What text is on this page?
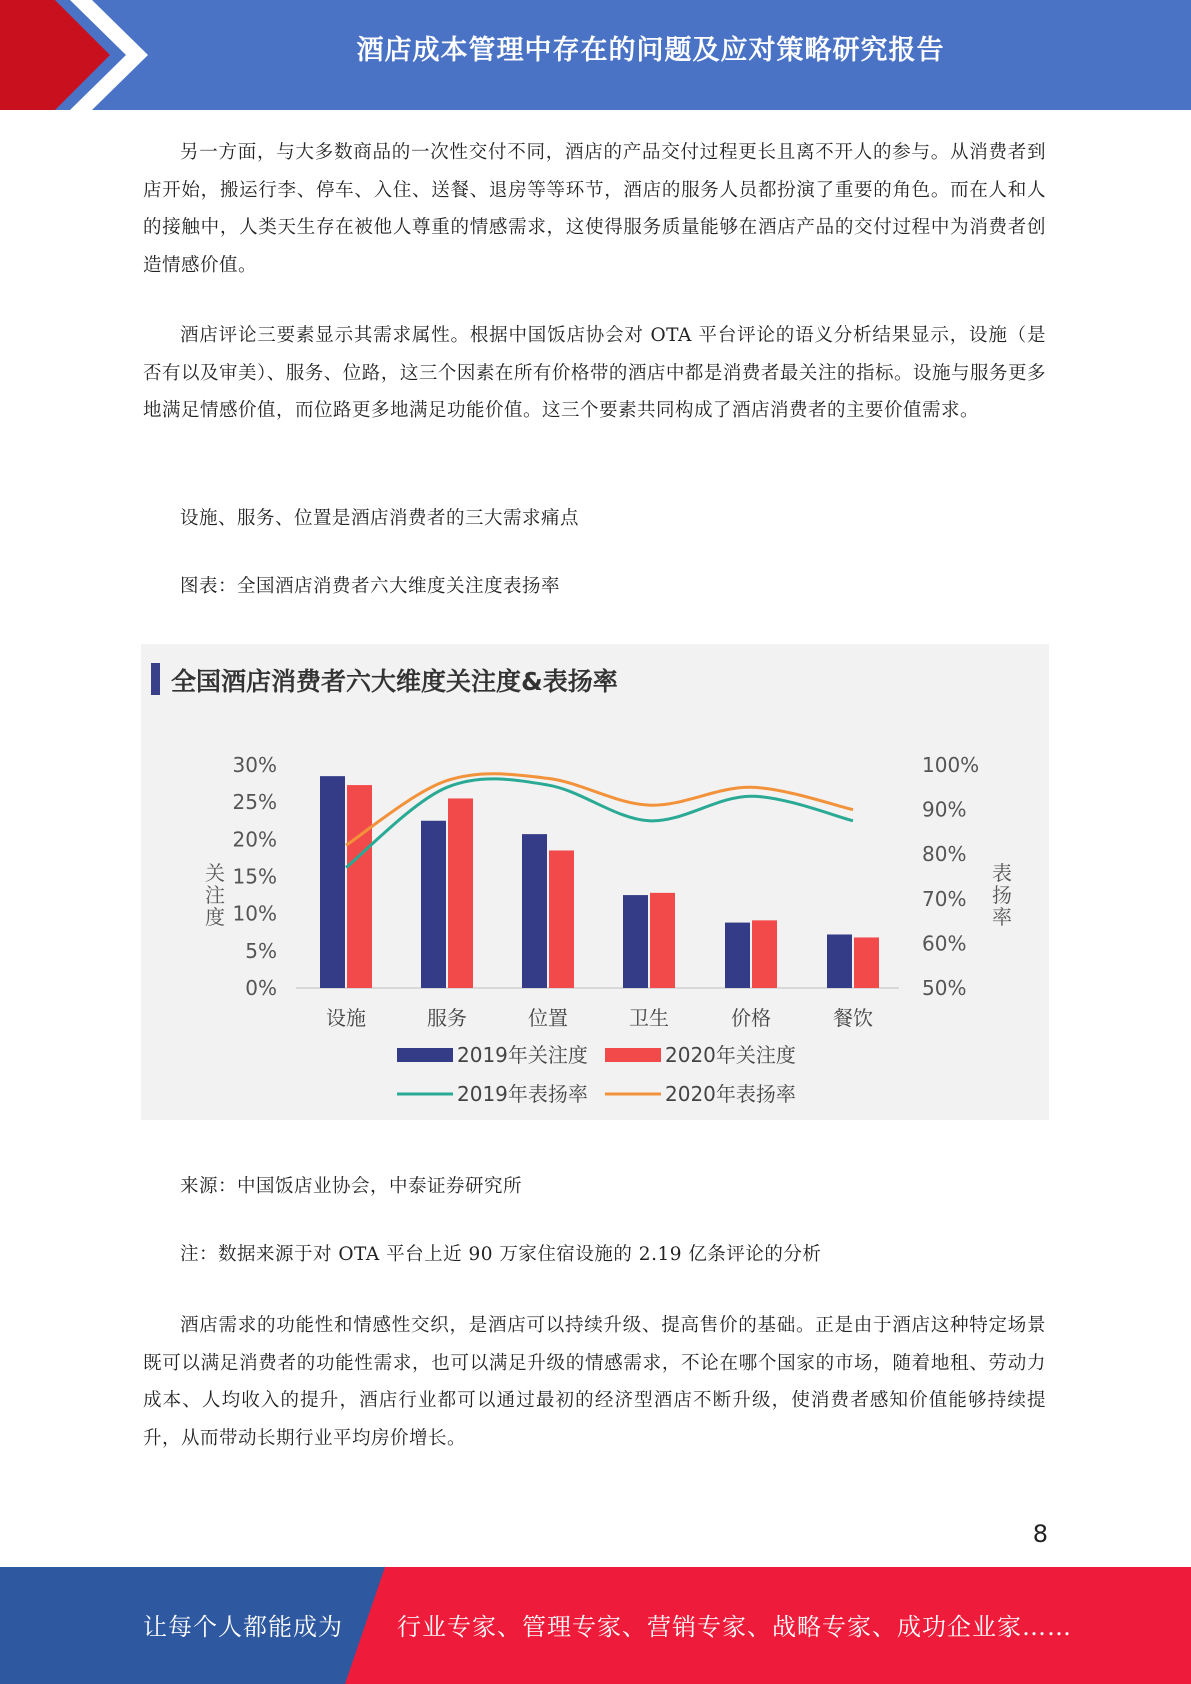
酒店成本管理中存在的问题及应对策略研究报告

另一方面，与大多数商品的一次性交付不同，酒店的产品交付过程更长且离不开人的参与。从消费者到店开始，搬运行李、停车、入住、送餐、退房等等环节，酒店的服务人员都扮演了重要的角色。而在人和人的接触中，人类天生存在被他人尊重的情感需求，这使得服务质量能够在酒店产品的交付过程中为消费者创造情感价值。

酒店评论三要素显示其需求属性。根据中国饭店协会对 OTA 平台评论的语义分析结果显示，设施（是否有以及审美）、服务、位路，这三个因素在所有价格带的酒店中都是消费者最关注的指标。设施与服务更多地满足情感价值，而位路更多地满足功能价值。这三个要素共同构成了酒店消费者的主要价值需求。

设施、服务、位置是酒店消费者的三大需求痛点

图表：全国酒店消费者六大维度关注度表扬率

全国酒店消费者六大维度关注度&表扬率
0%
5%
10%
15%
20%
25%
30%
50%
60%
70%
80%
90%
100%
关注度
表扬率
设施	服务	位置	卫生	价格	餐饮
2019年关注度	2020年关注度
2019年表扬率	2020年表扬率

来源：中国饭店业协会，中泰证券研究所

注：数据来源于对 OTA 平台上近 90 万家住宿设施的 2.19 亿条评论的分析

酒店需求的功能性和情感性交织，是酒店可以持续升级、提高售价的基础。正是由于酒店这种特定场景既可以满足消费者的功能性需求，也可以满足升级的情感需求，不论在哪个国家的市场，随着地租、劳动力成本、人均收入的提升，酒店行业都可以通过最初的经济型酒店不断升级，使消费者感知价值能够持续提升，从而带动长期行业平均房价增长。

8
让每个人都能成为 行业专家、管理专家、营销专家、战略专家、成功企业家……
